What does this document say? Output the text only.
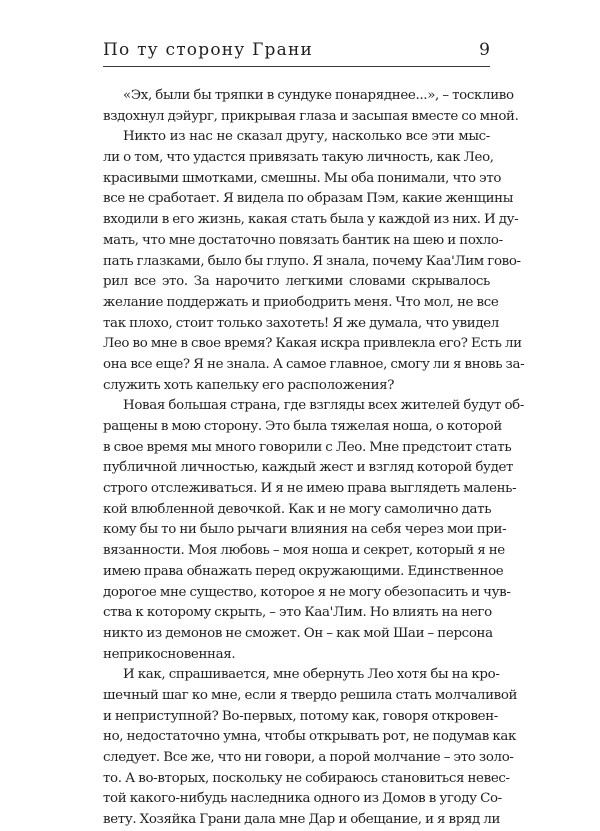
По ту сторону Грани	9
«Эх, были бы тряпки в сундуке понаряднее...», – тоскливо
вздохнул дэйург, прикрывая глаза и засыпая вместе со мной.
Никто из нас не сказал другу, насколько все эти мыс-
ли о том, что удастся привязать такую личность, как Лео,
красивыми шмотками, смешны. Мы оба понимали, что это
все не сработает. Я видела по образам Пэм, какие женщины
входили в его жизнь, какая стать была у каждой из них. И ду-
мать, что мне достаточно повязать бантик на шею и похло-
пать глазками, было бы глупо. Я знала, почему Каа'Лим гово-
рил все это. За нарочито легкими словами скрывалось
желание поддержать и приободрить меня. Что мол, не все
так плохо, стоит только захотеть! Я же думала, что увидел
Лео во мне в свое время? Какая искра привлекла его? Есть ли
она все еще? Я не знала. А самое главное, смогу ли я вновь за-
служить хоть капельку его расположения?
Новая большая страна, где взгляды всех жителей будут об-
ращены в мою сторону. Это была тяжелая ноша, о которой
в свое время мы много говорили с Лео. Мне предстоит стать
публичной личностью, каждый жест и взгляд которой будет
строго отслеживаться. И я не имею права выглядеть малень-
кой влюбленной девочкой. Как и не могу самолично дать
кому бы то ни было рычаги влияния на себя через мои при-
вязанности. Моя любовь – моя ноша и секрет, который я не
имею права обнажать перед окружающими. Единственное
дорогое мне существо, которое я не могу обезопасить и чув-
ства к которому скрыть, – это Каа'Лим. Но влиять на него
никто из демонов не сможет. Он – как мой Шаи – персона
неприкосновенная.
И как, спрашивается, мне обернуть Лео хотя бы на кро-
шечный шаг ко мне, если я твердо решила стать молчаливой
и неприступной? Во-первых, потому как, говоря откровен-
но, недостаточно умна, чтобы открывать рот, не подумав как
следует. Все же, что ни говори, а порой молчание – это золо-
то. А во-вторых, поскольку не собираюсь становиться невес-
той какого-нибудь наследника одного из Домов в угоду Со-
вету. Хозяйка Грани дала мне Дар и обещание, и я вряд ли
